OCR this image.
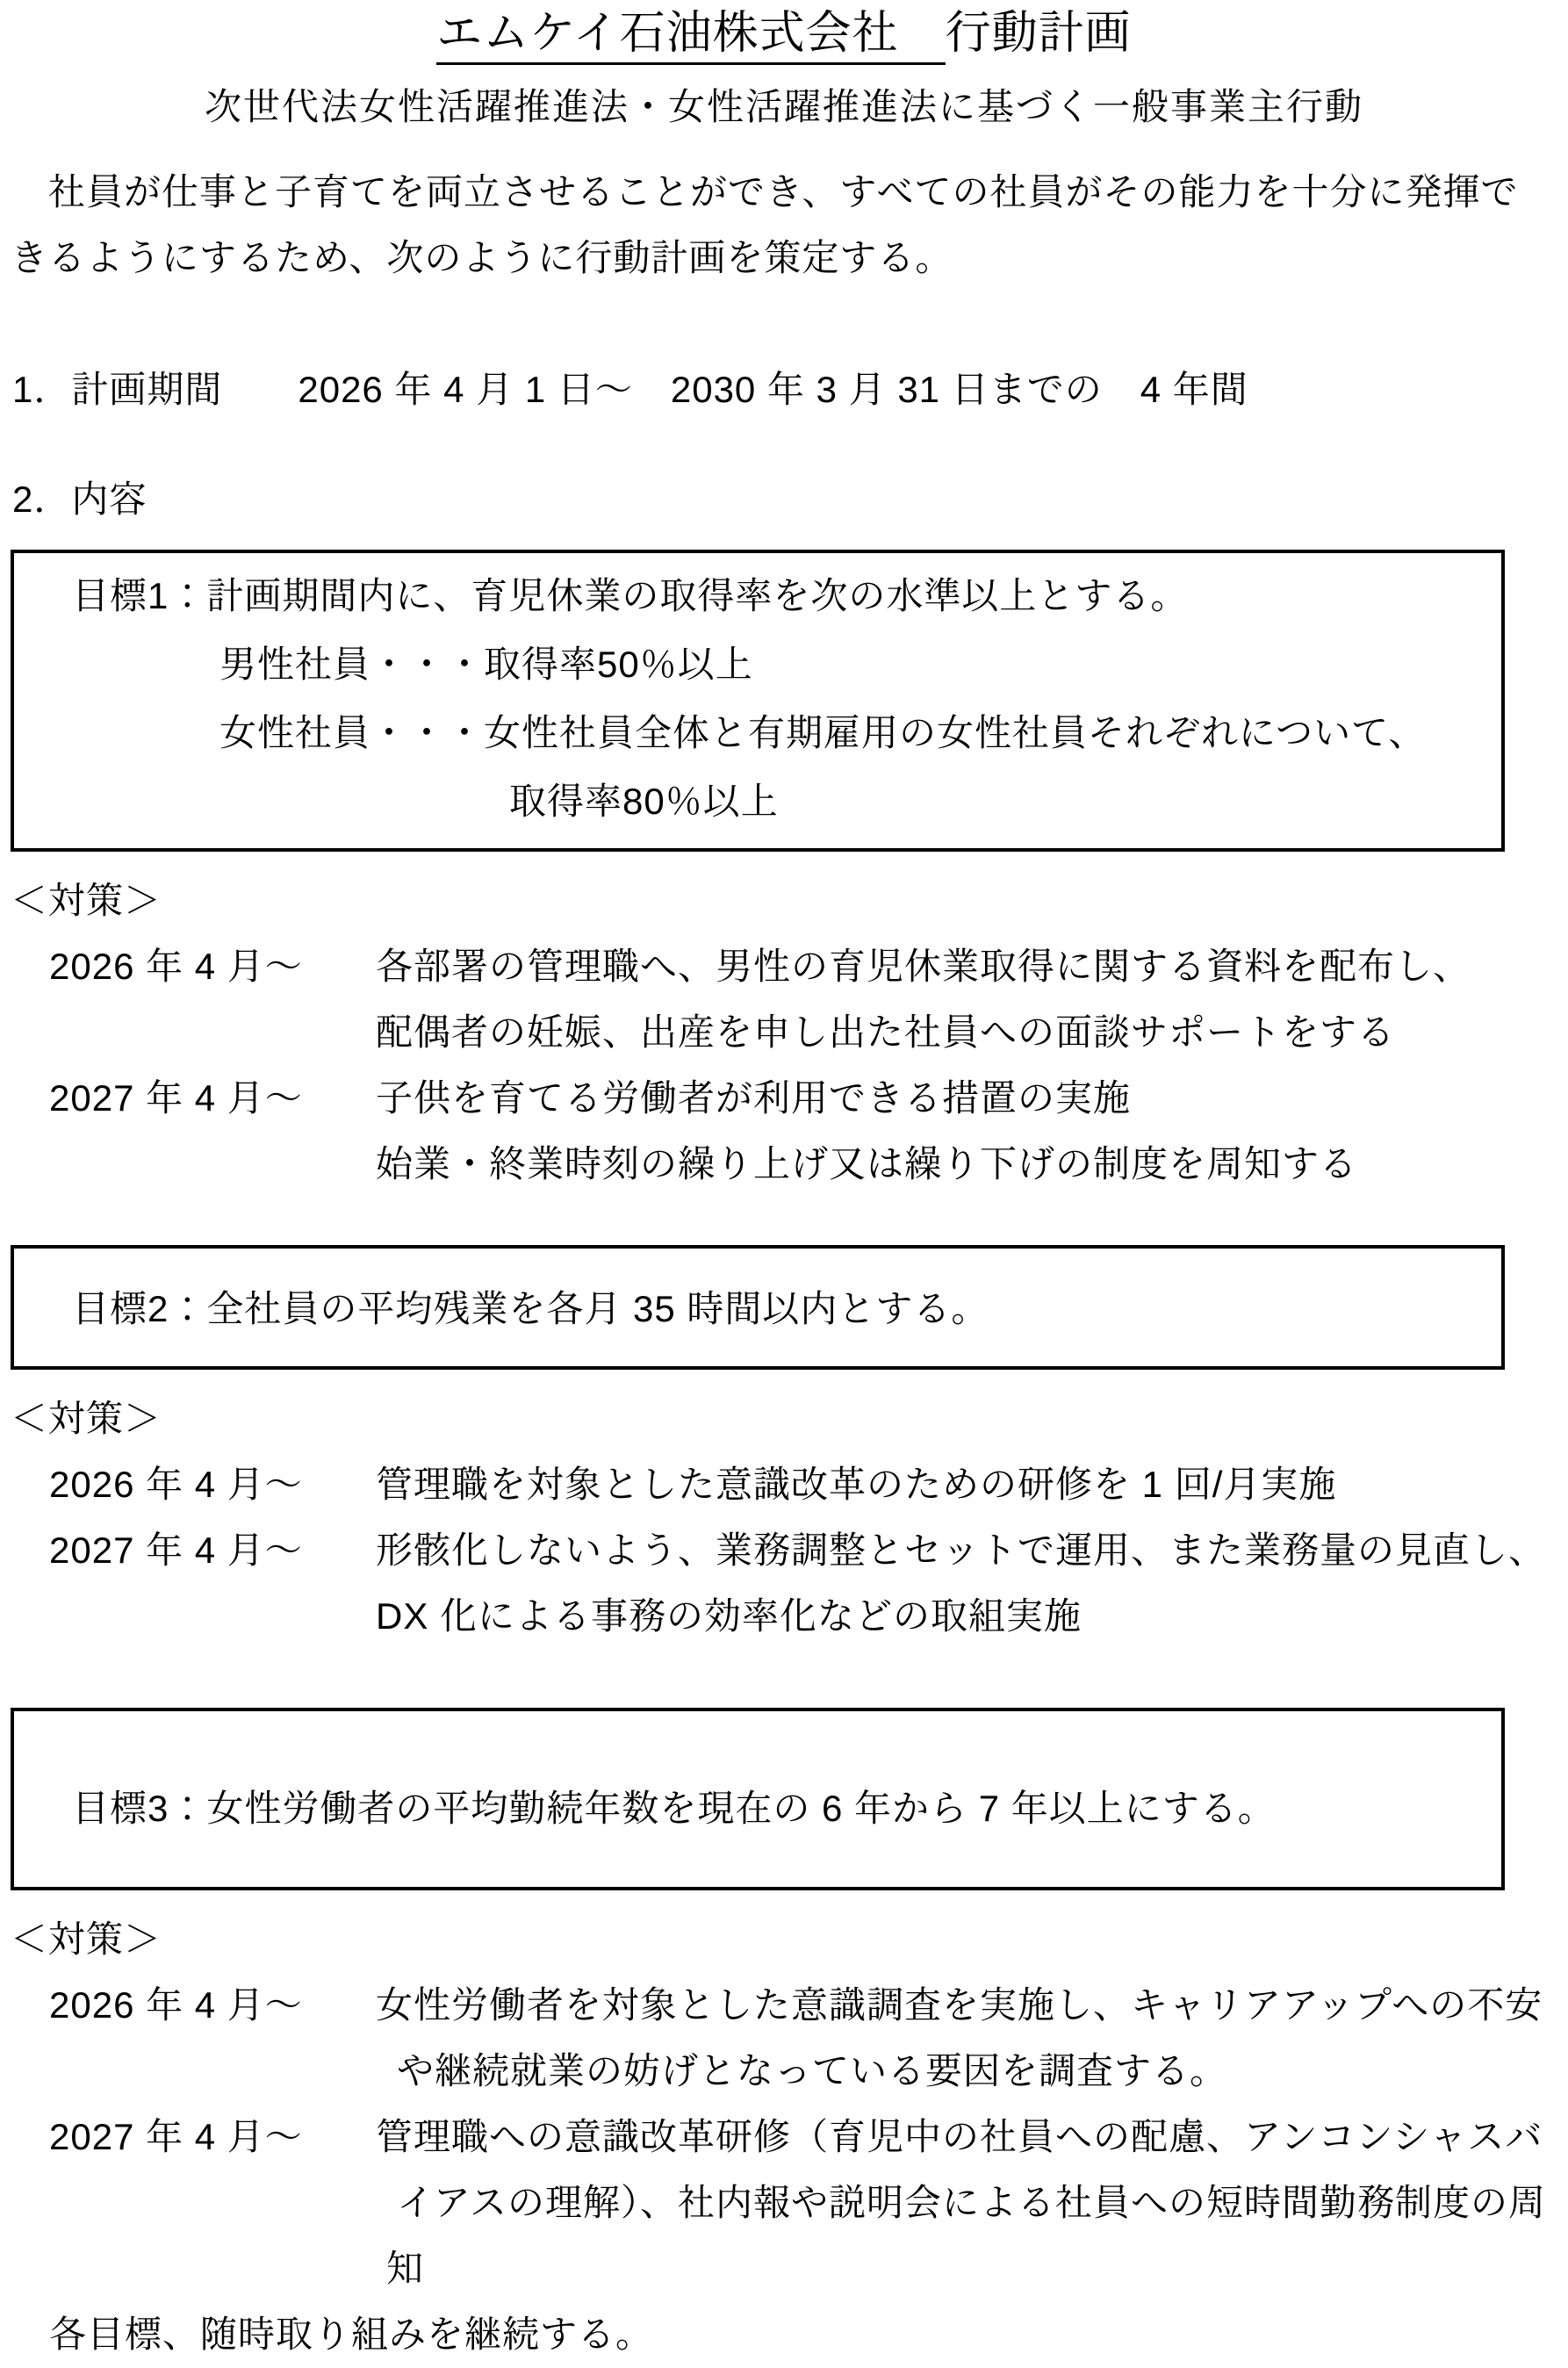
エムケイ石油株式会社　行動計画
次世代法女性活躍推進法・女性活躍推進法に基づく一般事業主行動
　社員が仕事と子育てを両立させることができ、すべての社員がその能力を十分に発揮で
きるようにするため、次のように行動計画を策定する。
1．計画期間　　2026 年 4 月 1 日～　2030 年 3 月 31 日までの　4 年間
2．内容
目標1：計画期間内に、育児休業の取得率を次の水準以上とする。
男性社員・・・取得率50％以上
女性社員・・・女性社員全体と有期雇用の女性社員それぞれについて、
取得率80％以上
＜対策＞
2026 年 4 月～	各部署の管理職へ、男性の育児休業取得に関する資料を配布し、
配偶者の妊娠、出産を申し出た社員への面談サポートをする
2027 年 4 月～	子供を育てる労働者が利用できる措置の実施
始業・終業時刻の繰り上げ又は繰り下げの制度を周知する
目標2：全社員の平均残業を各月 35 時間以内とする。
＜対策＞
2026 年 4 月～	管理職を対象とした意識改革のための研修を 1 回/月実施
2027 年 4 月～	形骸化しないよう、業務調整とセットで運用、また業務量の見直し、
DX 化による事務の効率化などの取組実施
目標3：女性労働者の平均勤続年数を現在の 6 年から 7 年以上にする。
＜対策＞
2026 年 4 月～	女性労働者を対象とした意識調査を実施し、キャリアアップへの不安
や継続就業の妨げとなっている要因を調査する。
2027 年 4 月～	管理職への意識改革研修（育児中の社員への配慮、アンコンシャスバ
イアスの理解）、社内報や説明会による社員への短時間勤務制度の周
知
各目標、随時取り組みを継続する。
